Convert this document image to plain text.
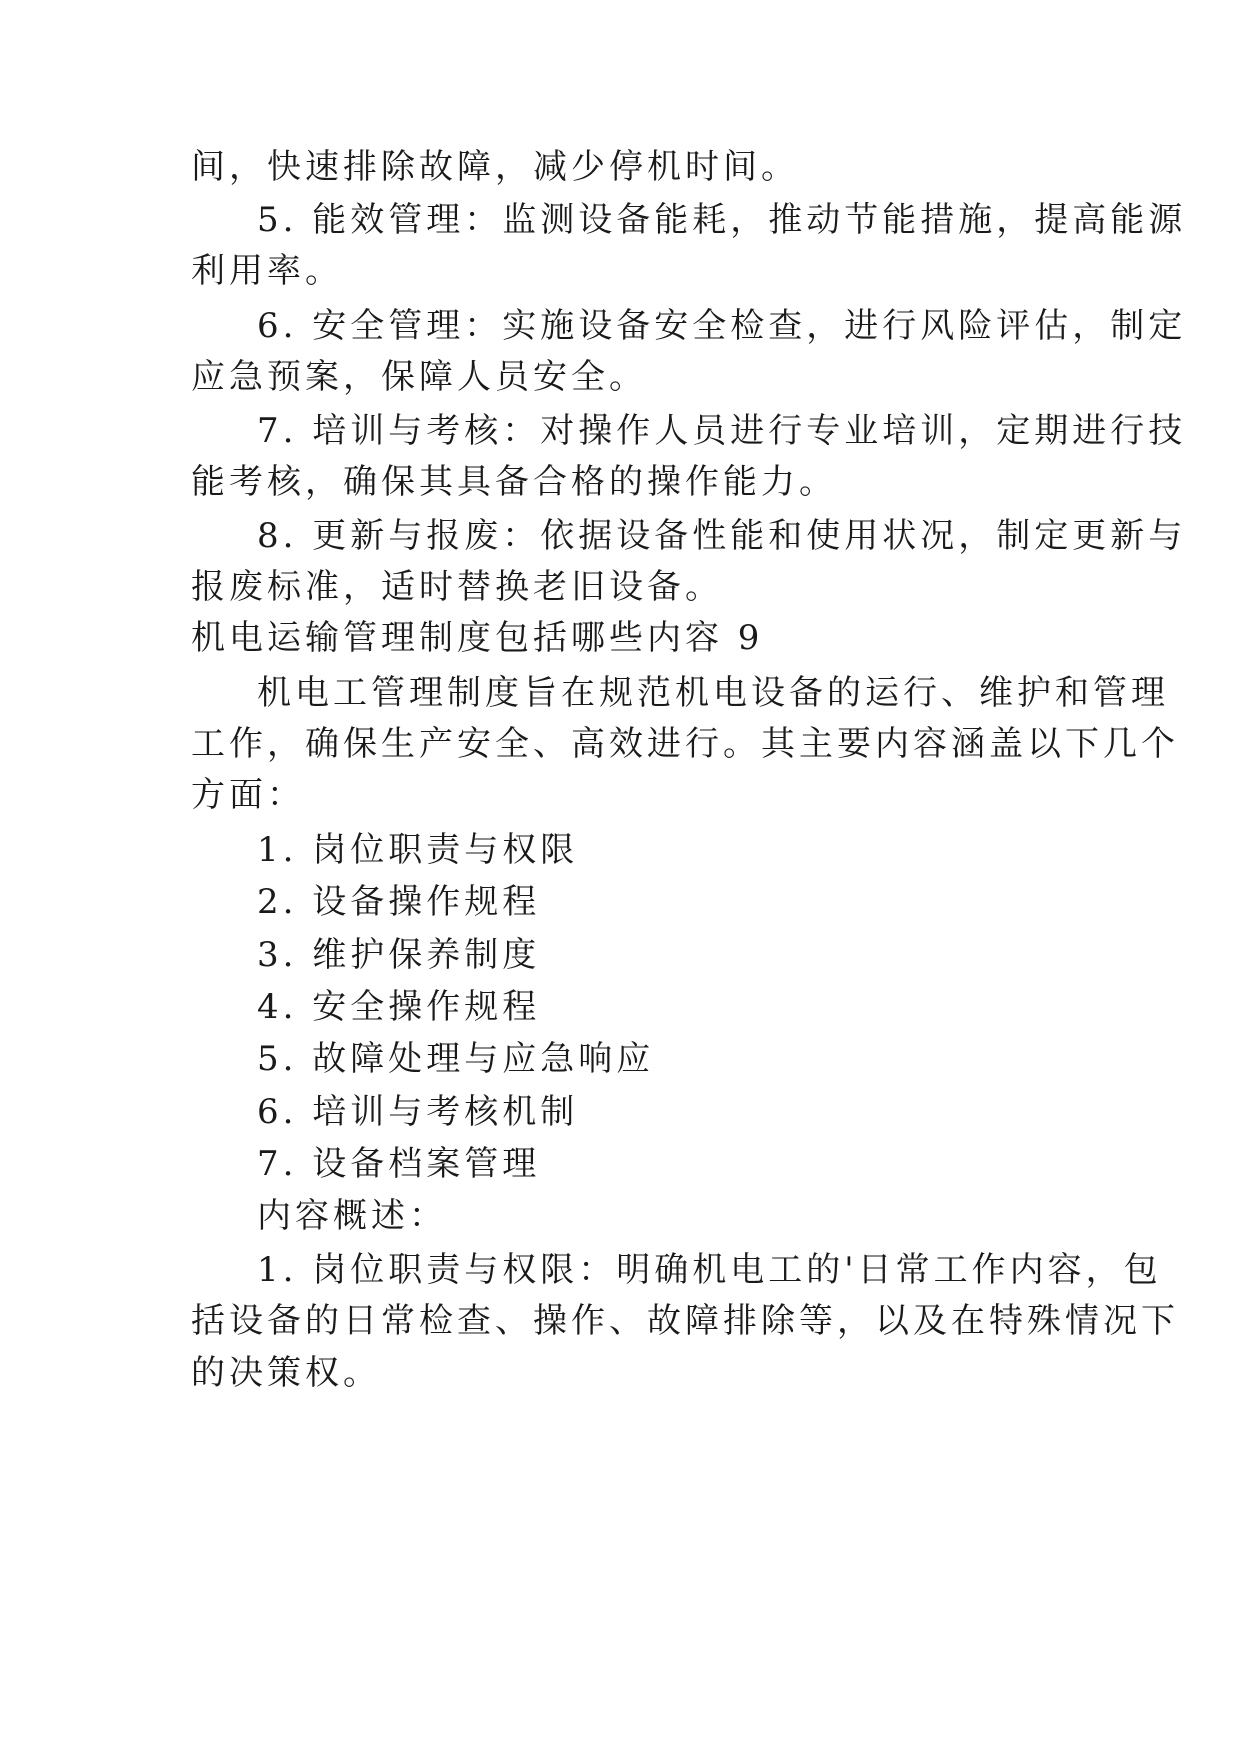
间，快速排除故障，减少停机时间。
5. 能效管理：监测设备能耗，推动节能措施，提高能源
利用率。
6. 安全管理：实施设备安全检查，进行风险评估，制定
应急预案，保障人员安全。
7. 培训与考核：对操作人员进行专业培训，定期进行技
能考核，确保其具备合格的操作能力。
8. 更新与报废：依据设备性能和使用状况，制定更新与
报废标准，适时替换老旧设备。
机电运输管理制度包括哪些内容 9
机电工管理制度旨在规范机电设备的运行、维护和管理
工作，确保生产安全、高效进行。其主要内容涵盖以下几个
方面：
1. 岗位职责与权限
2. 设备操作规程
3. 维护保养制度
4. 安全操作规程
5. 故障处理与应急响应
6. 培训与考核机制
7. 设备档案管理
内容概述：
1. 岗位职责与权限：明确机电工的'日常工作内容，包
括设备的日常检查、操作、故障排除等，以及在特殊情况下
的决策权。
